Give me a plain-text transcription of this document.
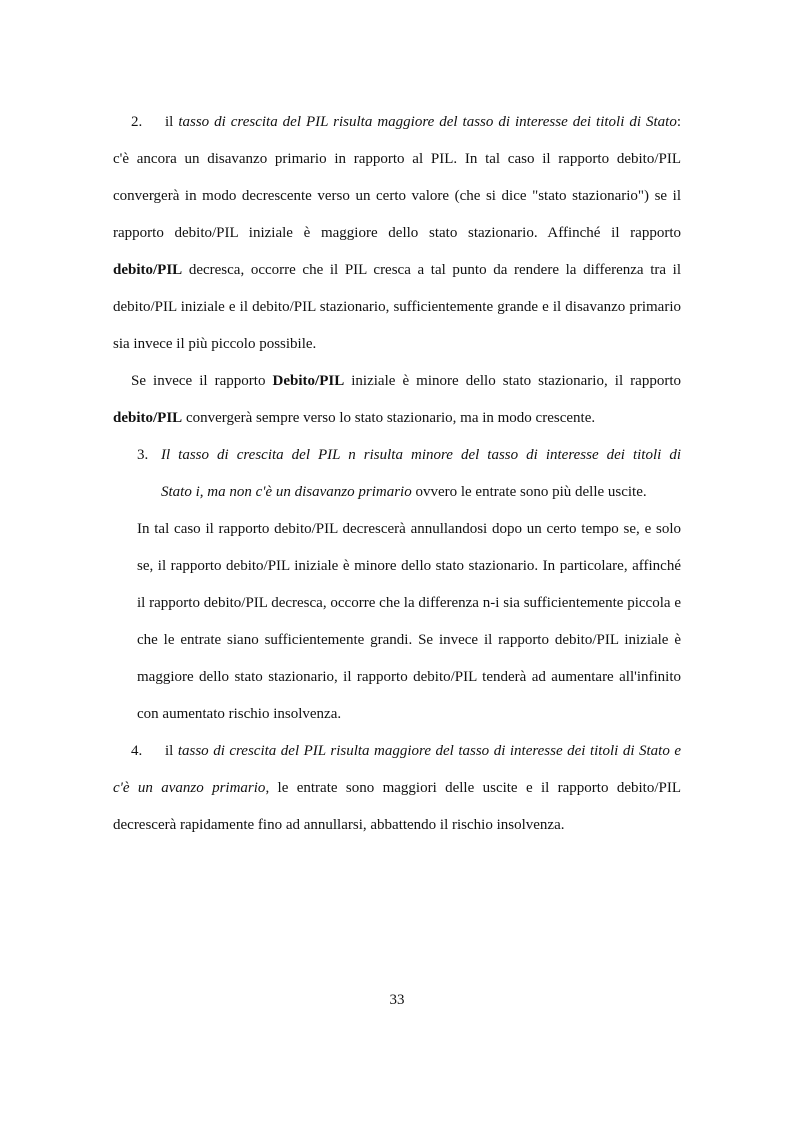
2. il tasso di crescita del PIL risulta maggiore del tasso di interesse dei titoli di Stato: c'è ancora un disavanzo primario in rapporto al PIL. In tal caso il rapporto debito/PIL convergerà in modo decrescente verso un certo valore (che si dice "stato stazionario") se il rapporto debito/PIL iniziale è maggiore dello stato stazionario. Affinché il rapporto debito/PIL decresca, occorre che il PIL cresca a tal punto da rendere la differenza tra il debito/PIL iniziale e il debito/PIL stazionario, sufficientemente grande e il disavanzo primario sia invece il più piccolo possibile.

Se invece il rapporto Debito/PIL iniziale è minore dello stato stazionario, il rapporto debito/PIL convergerà sempre verso lo stato stazionario, ma in modo crescente.

3. Il tasso di crescita del PIL n risulta minore del tasso di interesse dei titoli di
Stato i, ma non c'è un disavanzo primario ovvero le entrate sono più delle uscite.

In tal caso il rapporto debito/PIL decrescerà annullandosi dopo un certo tempo se, e solo se, il rapporto debito/PIL iniziale è minore dello stato stazionario. In particolare, affinché il rapporto debito/PIL decresca, occorre che la differenza n-i sia sufficientemente piccola e che le entrate siano sufficientemente grandi. Se invece il rapporto debito/PIL iniziale è maggiore dello stato stazionario, il rapporto debito/PIL tenderà ad aumentare all'infinito con aumentato rischio insolvenza.

4. il tasso di crescita del PIL risulta maggiore del tasso di interesse dei titoli di Stato e c'è un avanzo primario, le entrate sono maggiori delle uscite e il rapporto debito/PIL decrescerà rapidamente fino ad annullarsi, abbattendo il rischio insolvenza.

33
